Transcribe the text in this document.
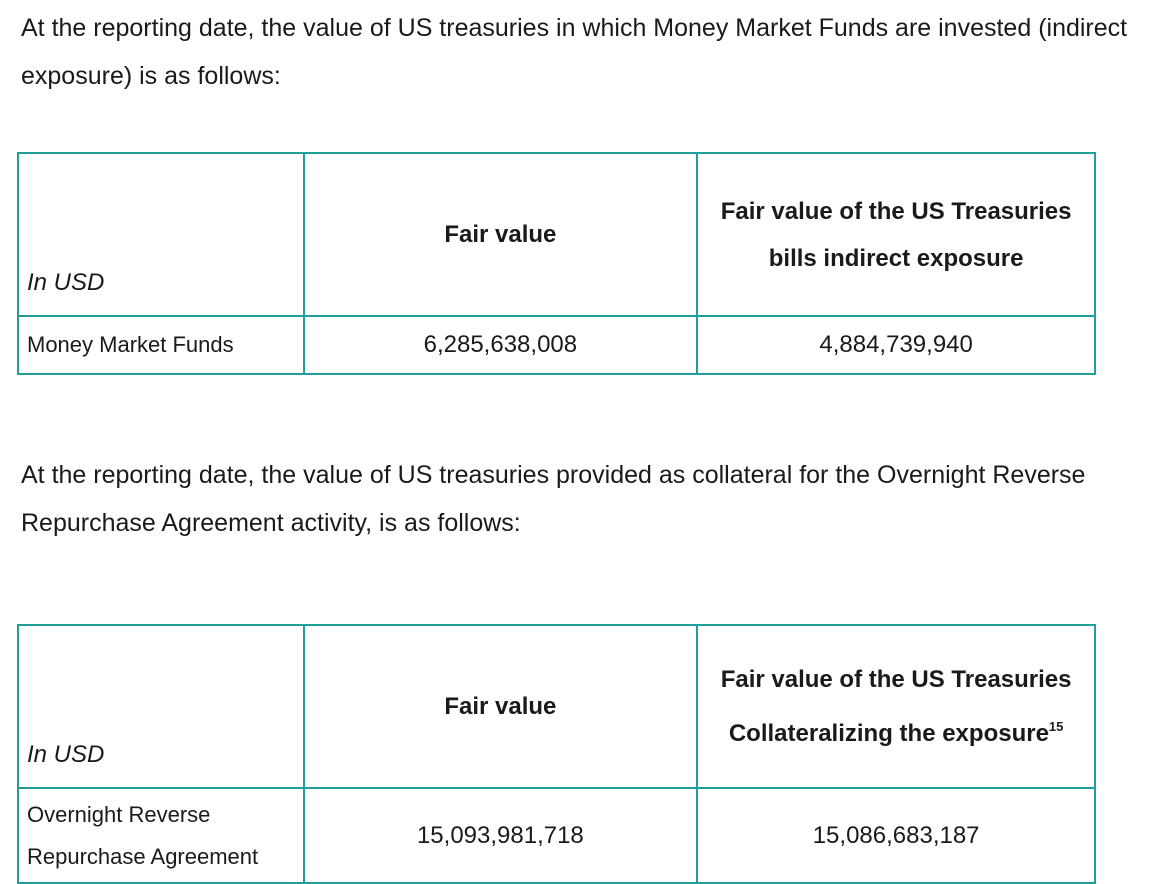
At the reporting date, the value of US treasuries in which Money Market Funds are invested (indirect exposure) is as follows:

In USD	Fair value	Fair value of the US Treasuries bills indirect exposure

Money Market Funds	6,285,638,008	4,884,739,940

At the reporting date, the value of US treasuries provided as collateral for the Overnight Reverse Repurchase Agreement activity, is as follows:

In USD	Fair value	Fair value of the US Treasuries Collateralizing the exposure$^{15}$

Overnight Reverse Repurchase Agreement	15,093,981,718	15,086,683,187
